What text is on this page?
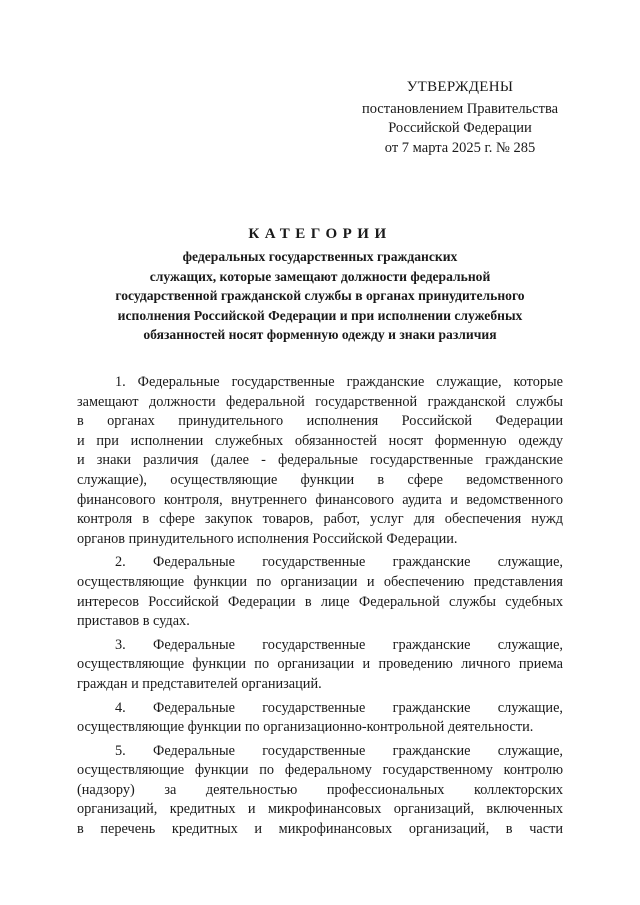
УТВЕРЖДЕНЫ
постановлением Правительства
Российской Федерации
от 7 марта 2025 г. № 285
КАТЕГОРИИ
федеральных государственных гражданских
служащих, которые замещают должности федеральной
государственной гражданской службы в органах принудительного
исполнения Российской Федерации и при исполнении служебных
обязанностей носят форменную одежду и знаки различия
1. Федеральные государственные гражданские служащие, которые
замещают должности федеральной государственной гражданской службы
в органах принудительного исполнения Российской Федерации
и при исполнении служебных обязанностей носят форменную одежду
и знаки различия (далее - федеральные государственные гражданские
служащие), осуществляющие функции в сфере ведомственного
финансового контроля, внутреннего финансового аудита и ведомственного
контроля в сфере закупок товаров, работ, услуг для обеспечения нужд
органов принудительного исполнения Российской Федерации.
2. Федеральные государственные гражданские служащие,
осуществляющие функции по организации и обеспечению представления
интересов Российской Федерации в лице Федеральной службы судебных
приставов в судах.
3. Федеральные государственные гражданские служащие,
осуществляющие функции по организации и проведению личного приема
граждан и представителей организаций.
4. Федеральные государственные гражданские служащие,
осуществляющие функции по организационно-контрольной деятельности.
5. Федеральные государственные гражданские служащие,
осуществляющие функции по федеральному государственному контролю
(надзору) за деятельностью профессиональных коллекторских
организаций, кредитных и микрофинансовых организаций, включенных
в перечень кредитных и микрофинансовых организаций, в части
